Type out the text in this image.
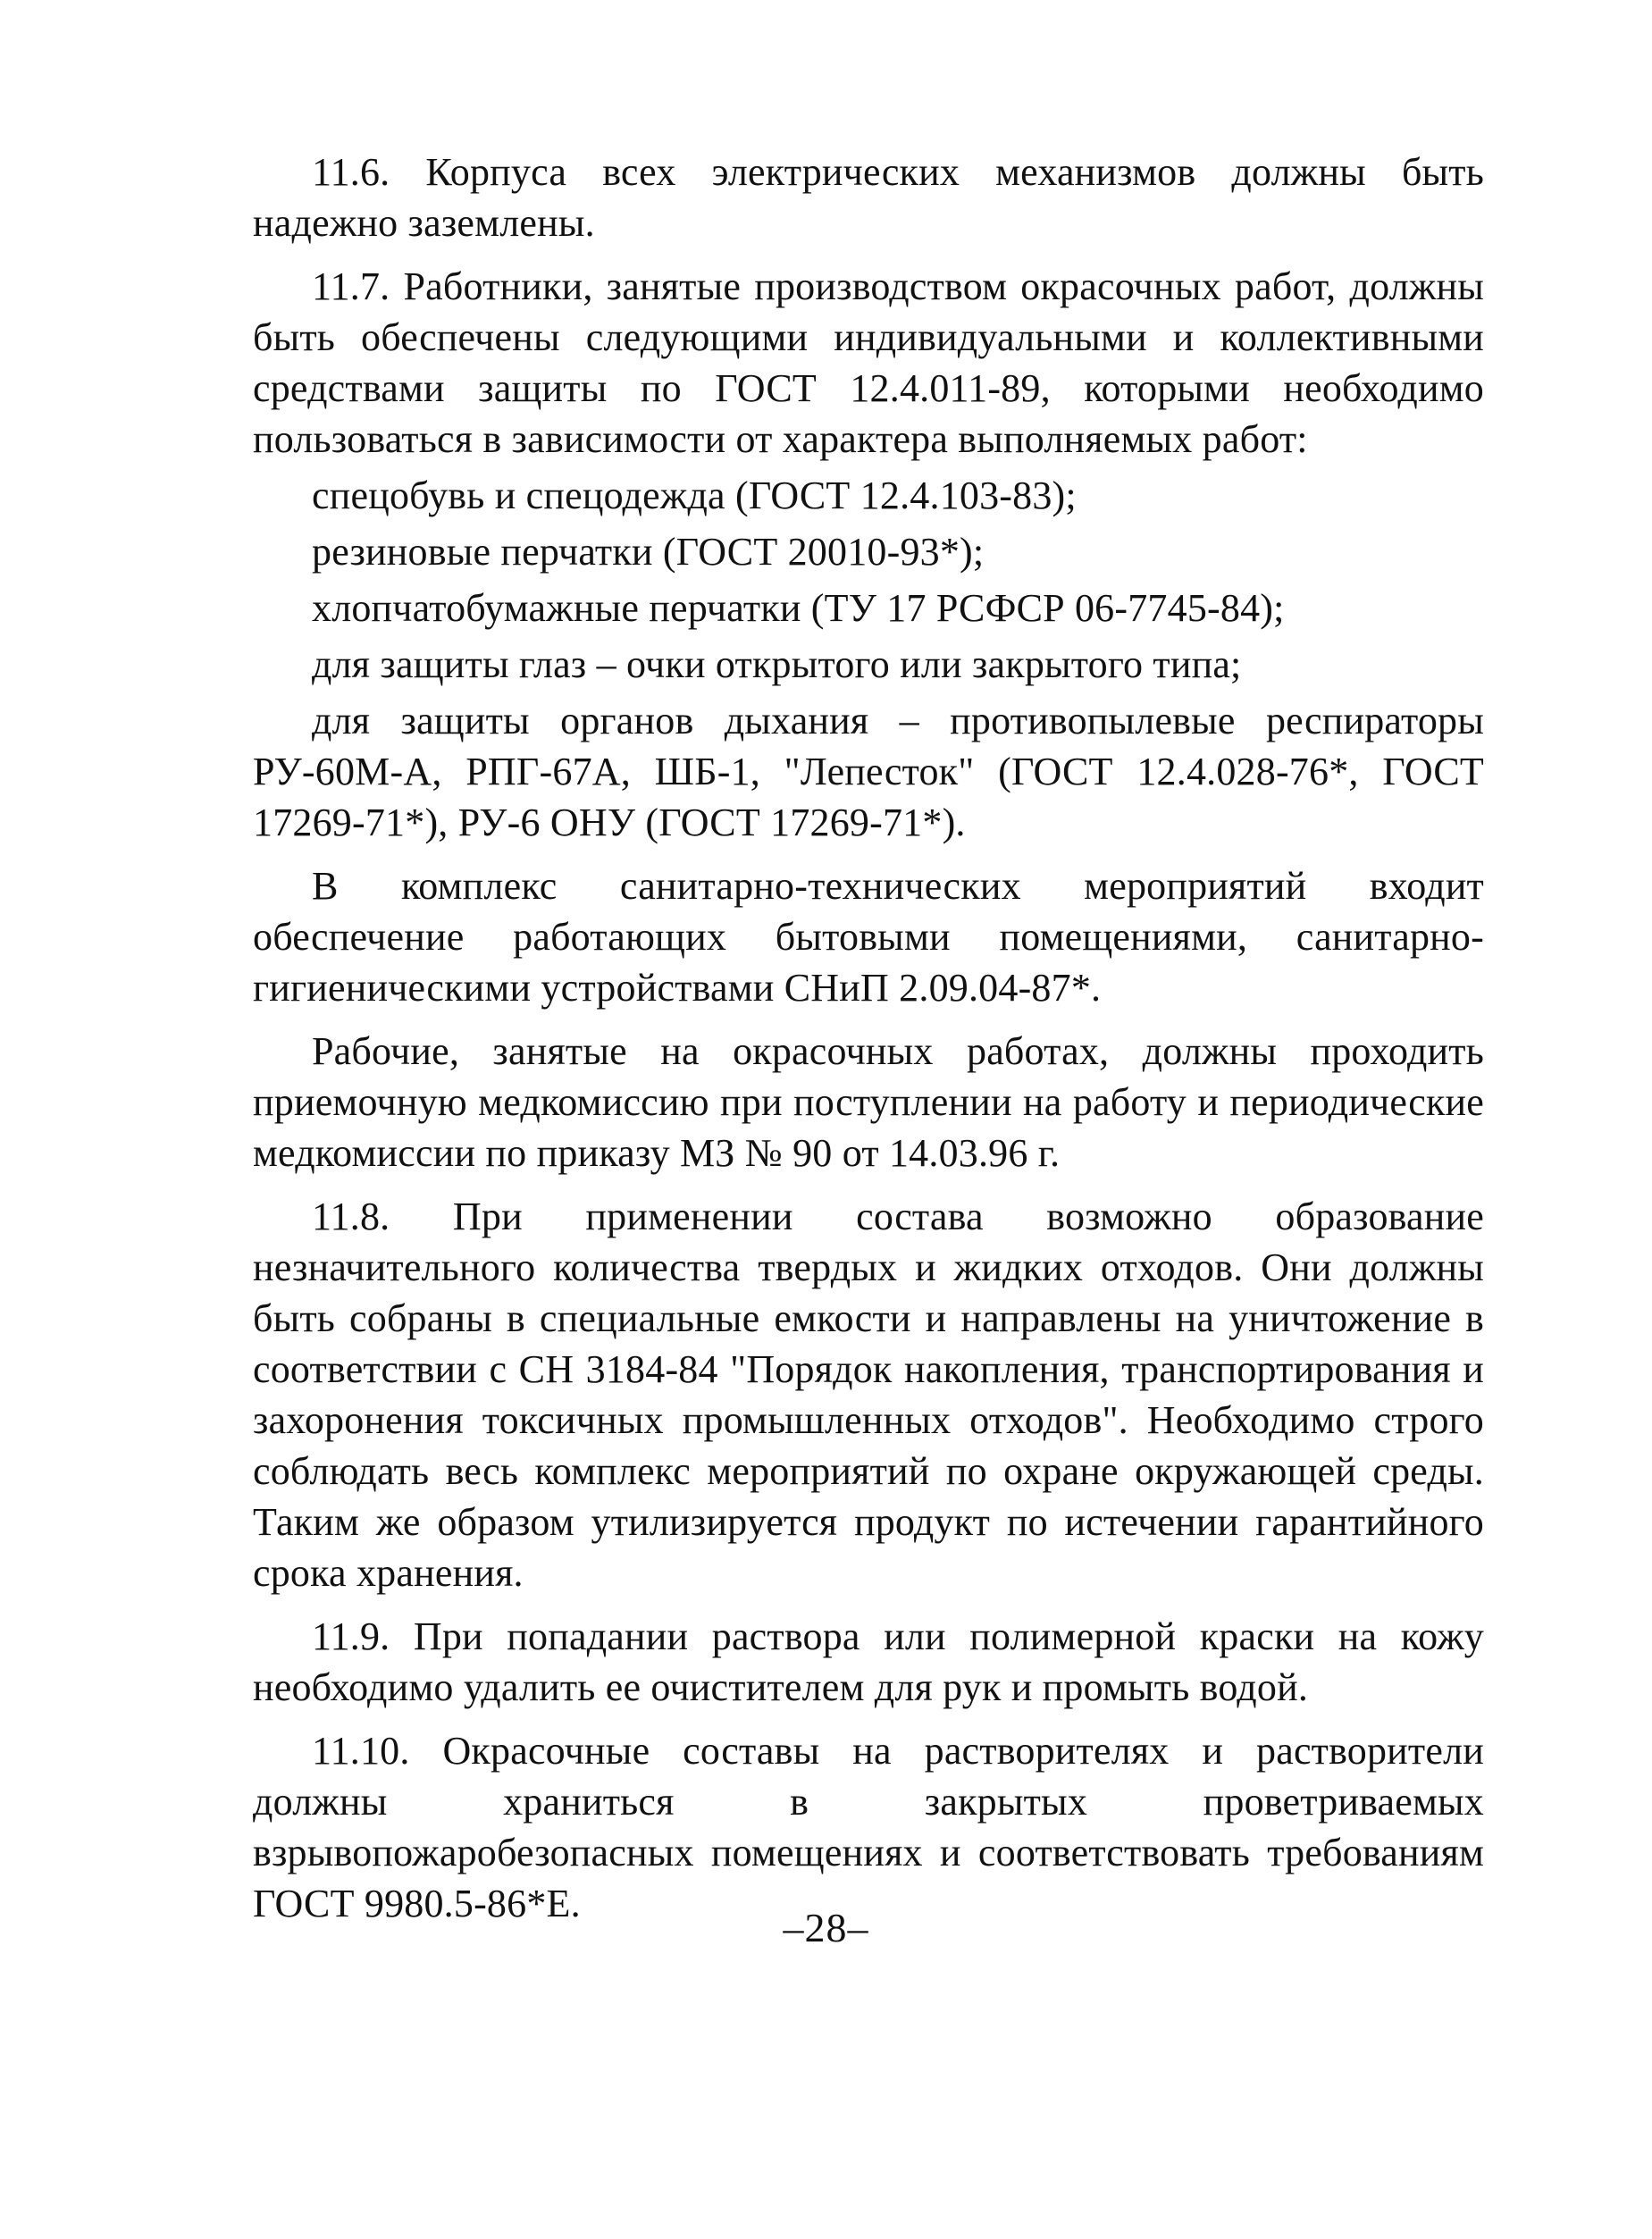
11.6. Корпуса всех электрических механизмов должны быть надежно заземлены.

11.7. Работники, занятые производством окрасочных работ, должны быть обеспечены следующими индивидуальными и коллективными средствами защиты по ГОСТ 12.4.011-89, которыми необходимо пользоваться в зависимости от характера выполняемых работ:

спецобувь и спецодежда (ГОСТ 12.4.103-83);

резиновые перчатки (ГОСТ 20010-93*);

хлопчатобумажные перчатки (ТУ 17 РСФСР 06-7745-84);

для защиты глаз – очки открытого или закрытого типа;

для защиты органов дыхания – противопылевые респираторы РУ-60М-А, РПГ-67А, ШБ-1, "Лепесток" (ГОСТ 12.4.028-76*, ГОСТ 17269-71*), РУ-6 ОНУ (ГОСТ 17269-71*).

В комплекс санитарно-технических мероприятий входит обеспечение работающих бытовыми помещениями, санитарно-гигиеническими устройствами СНиП 2.09.04-87*.

Рабочие, занятые на окрасочных работах, должны проходить приемочную медкомиссию при поступлении на работу и периодические медкомиссии по приказу МЗ № 90 от 14.03.96 г.

11.8. При применении состава возможно образование незначительного количества твердых и жидких отходов. Они должны быть собраны в специальные емкости и направлены на уничтожение в соответствии с СН 3184-84 "Порядок накопления, транспортирования и захоронения токсичных промышленных отходов". Необходимо строго соблюдать весь комплекс мероприятий по охране окружающей среды. Таким же образом утилизируется продукт по истечении гарантийного срока хранения.

11.9. При попадании раствора или полимерной краски на кожу необходимо удалить ее очистителем для рук и промыть водой.

11.10. Окрасочные составы на растворителях и растворители должны храниться в закрытых проветриваемых взрывопожаробезопасных помещениях и соответствовать требованиям ГОСТ 9980.5-86*Е.

–28–
